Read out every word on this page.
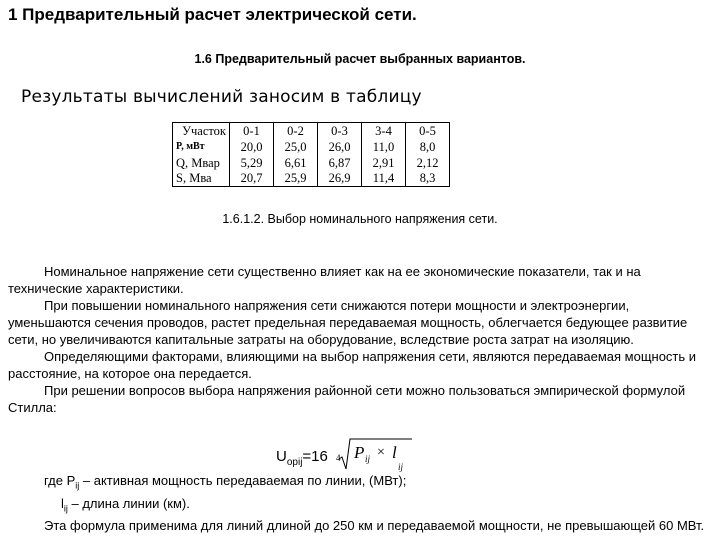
1 Предварительный расчет электрической сети.
1.6 Предварительный расчет выбранных вариантов.
Результаты вычислений заносим в таблицу
Участок	0-1	0-2	0-3	3-4	0-5
P, мВт	20,0	25,0	26,0	11,0	8,0
Q, Мвар	5,29	6,61	6,87	2,91	2,12
S, Мва	20,7	25,9	26,9	11,4	8,3
1.6.1.2. Выбор номинального напряжения сети.

Номинальное напряжение сети существенно влияет как на ее экономические показатели, так и на технические характеристики.

При повышении номинального напряжения сети снижаются потери мощности и электроэнергии, уменьшаются сечения проводов, растет предельная передаваемая мощность, облегчается бедующее развитие сети, но увеличиваются капитальные затраты на оборудование, вследствие роста затрат на изоляцию.

Определяющими факторами, влияющими на выбор напряжения сети, являются передаваемая мощность и расстояние, на которое она передается.

При решении вопросов выбора напряжения районной сети можно пользоваться эмпирической формулой Стилла:

$U_{opij}=16$ 4 P ij × l
ij
где $P_{ij}$ – активная мощность передаваемая по линии, (МВт);
$l_{ij}$ – длина линии (км).
Эта формула применима для линий длиной до 250 км и передаваемой мощности, не превышающей 60 МВт.
